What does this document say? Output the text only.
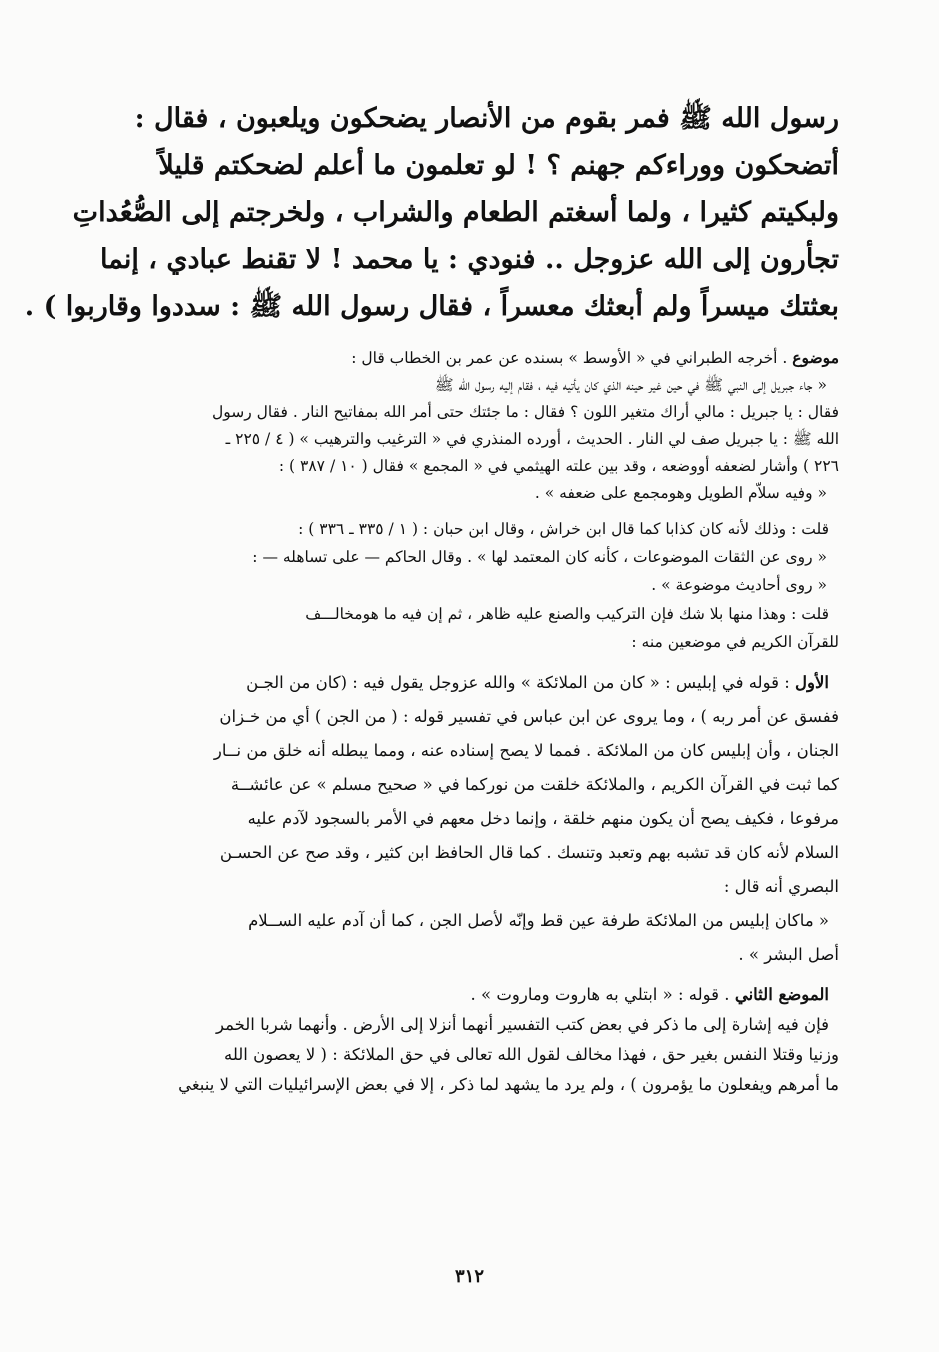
رسول الله ﷺ فمر بقوم من الأنصار يضحكون ويلعبون ، فقال :

أتضحكون ووراءكم جهنم ؟ ! لو تعلمون ما أعلم لضحكتم قليلاً

ولبكيتم كثيرا ، ولما أسغتم الطعام والشراب ، ولخرجتم إلى الصُّعُداتِ

تجأرون إلى الله عزوجل .. فنودي : يا محمد ! لا تقنط عبادي ، إنما

بعثتك ميسراً ولم أبعثك معسراً ، فقال رسول الله ﷺ : سددوا وقاربوا ) .

موضوع . أخرجه الطبراني في « الأوسط » بسنده عن عمر بن الخطاب قال :

« جاء جبريل إلى النبي ﷺ في حين غير حينه الذي كان يأتيه فيه ، فقام إليه رسول الله ﷺ

فقال : يا جبريل : مالي أراك متغير اللون ؟ فقال : ما جئتك حتى أمر الله بمفاتيح النار . فقال رسول

الله ﷺ : يا جبريل صف لي النار . الحديث ، أورده المنذري في « الترغيب والترهيب » ( ٤ / ٢٢٥ ـ

٢٢٦ ) وأشار لضعفه أووضعه ، وقد بين علته الهيثمي في « المجمع » فقال ( ١٠ / ٣٨٧ ) :

« وفيه سلاّم الطويل وهومجمع على ضعفه » .

قلت : وذلك لأنه كان كذابا كما قال ابن خراش ، وقال ابن حبان : ( ١ / ٣٣٥ ـ ٣٣٦ ) :

« روى عن الثقات الموضوعات ، كأنه كان المعتمد لها » . وقال الحاكم — على تساهله — :

« روى أحاديث موضوعة » .

قلت : وهذا منها بلا شك فإن التركيب والصنع عليه ظاهر ، ثم إن فيه ما هومخالـــف

للقرآن الكريم في موضعين منه :

الأول : قوله في إبليس : « كان من الملائكة » والله عزوجل يقول فيه : (كان من الجـن

ففسق عن أمر ربه ) ، وما يروى عن ابن عباس في تفسير قوله : ( من الجن ) أي من خـزان

الجنان ، وأن إبليس كان من الملائكة . فمما لا يصح إسناده عنه ، ومما يبطله أنه خلق من نــار

كما ثبت في القرآن الكريم ، والملائكة خلقت من نوركما في « صحيح مسلم » عن عائشــة

مرفوعا ، فكيف يصح أن يكون منهم خلقة ، وإنما دخل معهم في الأمر بالسجود لآدم عليه

السلام لأنه كان قد تشبه بهم وتعبد وتنسك . كما قال الحافظ ابن كثير ، وقد صح عن الحسـن

البصري أنه قال :

« ماكان إبليس من الملائكة طرفة عين قط وإنّه لأصل الجن ، كما أن آدم عليه الســلام

أصل البشر » .

الموضع الثاني . قوله : « ابتلي به هاروت وماروت » .

فإن فيه إشارة إلى ما ذكر في بعض كتب التفسير أنهما أنزلا إلى الأرض . وأنهما شربا الخمر

وزنيا وقتلا النفس بغير حق ، فهذا مخالف لقول الله تعالى في حق الملائكة : ( لا يعصون الله

ما أمرهم ويفعلون ما يؤمرون ) ، ولم يرد ما يشهد لما ذكر ، إلا في بعض الإسرائيليات التي لا ينبغي

٣١٢
